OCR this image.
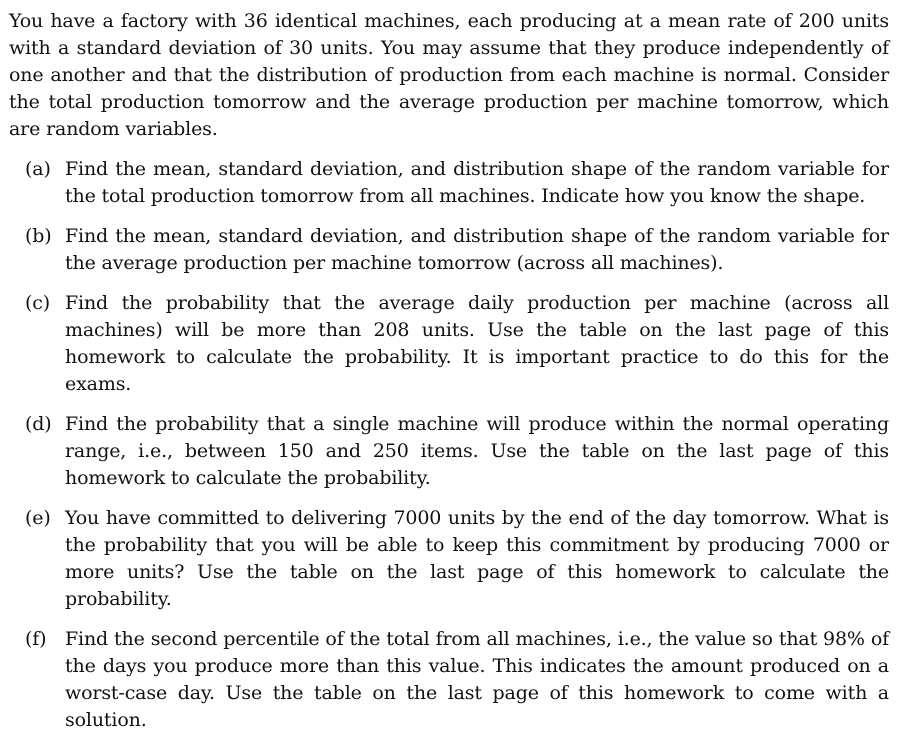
You have a factory with 36 identical machines, each producing at a mean rate of 200 units with a standard deviation of 30 units. You may assume that they produce independently of one another and that the distribution of production from each machine is normal. Consider the total production tomorrow and the average production per machine tomorrow, which are random variables.

(a) Find the mean, standard deviation, and distribution shape of the random variable for the total production tomorrow from all machines. Indicate how you know the shape.
(b) Find the mean, standard deviation, and distribution shape of the random variable for the average production per machine tomorrow (across all machines).
(c) Find the probability that the average daily production per machine (across all machines) will be more than 208 units. Use the table on the last page of this homework to calculate the probability. It is important practice to do this for the exams.
(d) Find the probability that a single machine will produce within the normal operating range, i.e., between 150 and 250 items. Use the table on the last page of this homework to calculate the probability.
(e) You have committed to delivering 7000 units by the end of the day tomorrow. What is the probability that you will be able to keep this commitment by producing 7000 or more units? Use the table on the last page of this homework to calculate the probability.
(f) Find the second percentile of the total from all machines, i.e., the value so that 98% of the days you produce more than this value. This indicates the amount produced on a worst-case day. Use the table on the last page of this homework to come with a solution.
